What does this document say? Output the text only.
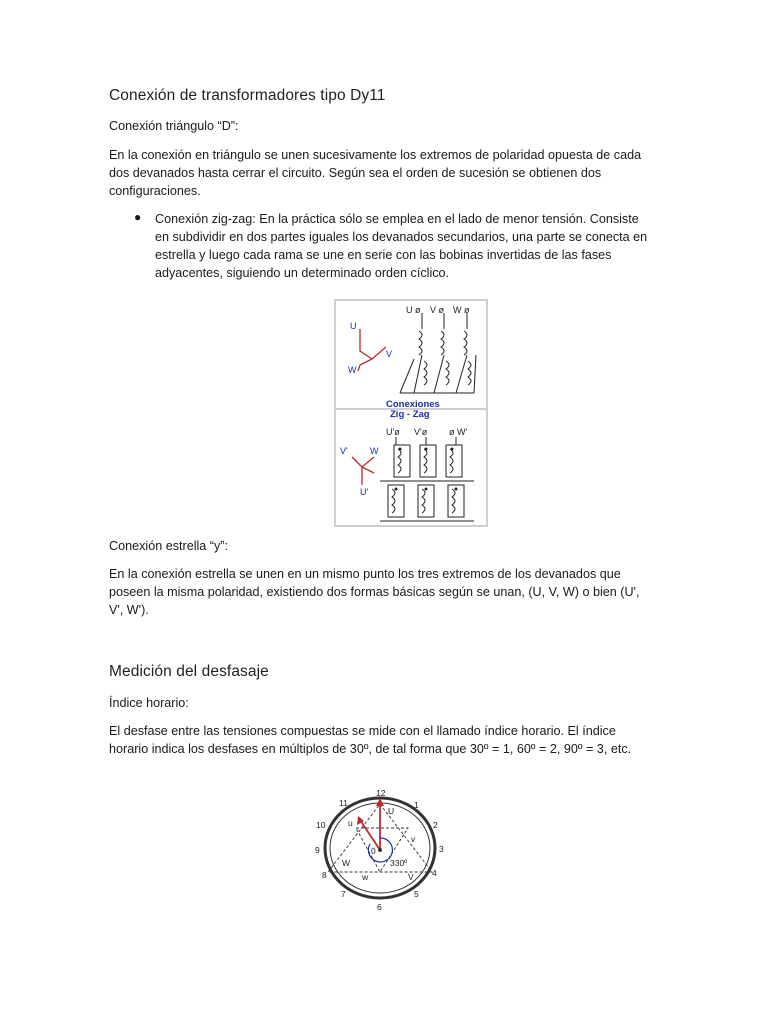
Conexión de transformadores tipo Dy11
Conexión triángulo “D”:
En la conexión en triángulo se unen sucesivamente los extremos de polaridad opuesta de cada dos devanados hasta cerrar el circuito. Según sea el orden de sucesión se obtienen dos configuraciones.
● Conexión zig-zag: En la práctica sólo se emplea en el lado de menor tensión. Consiste en subdividir en dos partes iguales los devanados secundarios, una parte se conecta en estrella y luego cada rama se une en serie con las bobinas invertidas de las fases adyacentes, siguiendo un determinado orden cíclico.
U
V
W
U ø V ø W ø
Conexiones
Zig - Zag
V' W
U'
U'ø V'ø ø W'
Conexión estrella “y”:
En la conexión estrella se unen en un mismo punto los tres extremos de los devanados que poseen la misma polaridad, existiendo dos formas básicas según se unan, (U, V, W) o bien (U', V', W').
Medición del desfasaje
Índice horario:
El desfase entre las tensiones compuestas se mide con el llamado índice horario. El índice horario indica los desfases en múltiplos de 30º, de tal forma que 30º = 1, 60º = 2, 90º = 3, etc.
12
1
2
3
4
5
6
7
8
9
10
11
0
330º
U
u
v
W
w	V
